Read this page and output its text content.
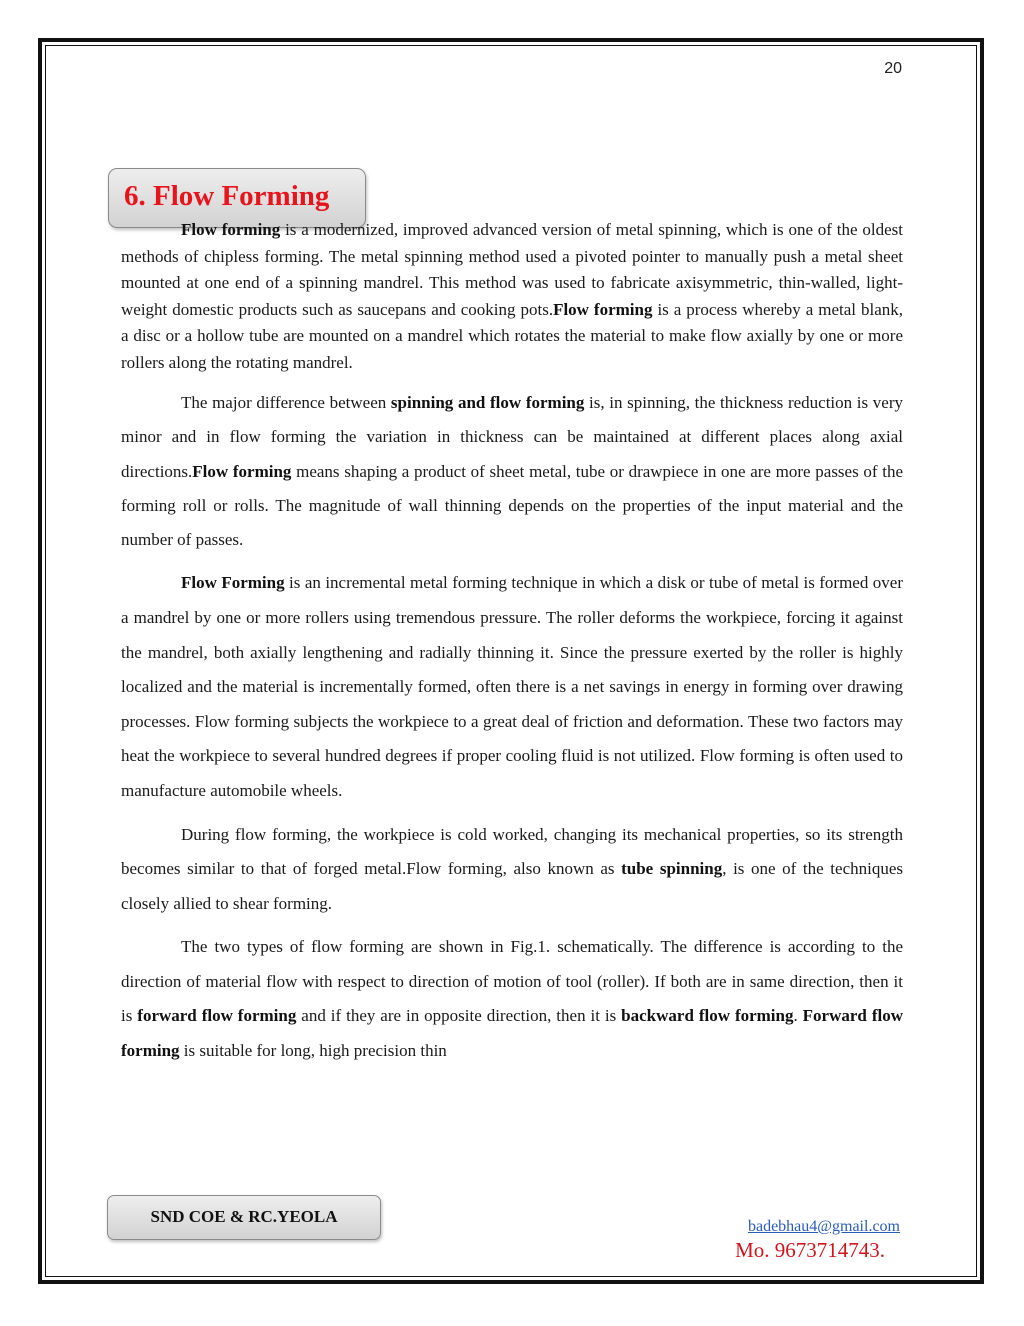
20
6. Flow Forming

Flow forming is a modernized, improved advanced version of metal spinning, which is one of the oldest methods of chipless forming. The metal spinning method used a pivoted pointer to manually push a metal sheet mounted at one end of a spinning mandrel. This method was used to fabricate axisymmetric, thin-walled, light-weight domestic products such as saucepans and cooking pots.Flow forming is a process whereby a metal blank, a disc or a hollow tube are mounted on a mandrel which rotates the material to make flow axially by one or more rollers along the rotating mandrel.

The major difference between spinning and flow forming is, in spinning, the thickness reduction is very minor and in flow forming the variation in thickness can be maintained at different places along axial directions.Flow forming means shaping a product of sheet metal, tube or drawpiece in one are more passes of the forming roll or rolls. The magnitude of wall thinning depends on the properties of the input material and the number of passes.

Flow Forming is an incremental metal forming technique in which a disk or tube of metal is formed over a mandrel by one or more rollers using tremendous pressure. The roller deforms the workpiece, forcing it against the mandrel, both axially lengthening and radially thinning it. Since the pressure exerted by the roller is highly localized and the material is incrementally formed, often there is a net savings in energy in forming over drawing processes. Flow forming subjects the workpiece to a great deal of friction and deformation. These two factors may heat the workpiece to several hundred degrees if proper cooling fluid is not utilized. Flow forming is often used to manufacture automobile wheels.

During flow forming, the workpiece is cold worked, changing its mechanical properties, so its strength becomes similar to that of forged metal.Flow forming, also known as tube spinning, is one of the techniques closely allied to shear forming.

The two types of flow forming are shown in Fig.1. schematically. The difference is according to the direction of material flow with respect to direction of motion of tool (roller). If both are in same direction, then it is forward flow forming and if they are in opposite direction, then it is backward flow forming. Forward flow forming is suitable for long, high precision thin

SND COE & RC.YEOLA
badebhau4@gmail.com
Mo. 9673714743.
